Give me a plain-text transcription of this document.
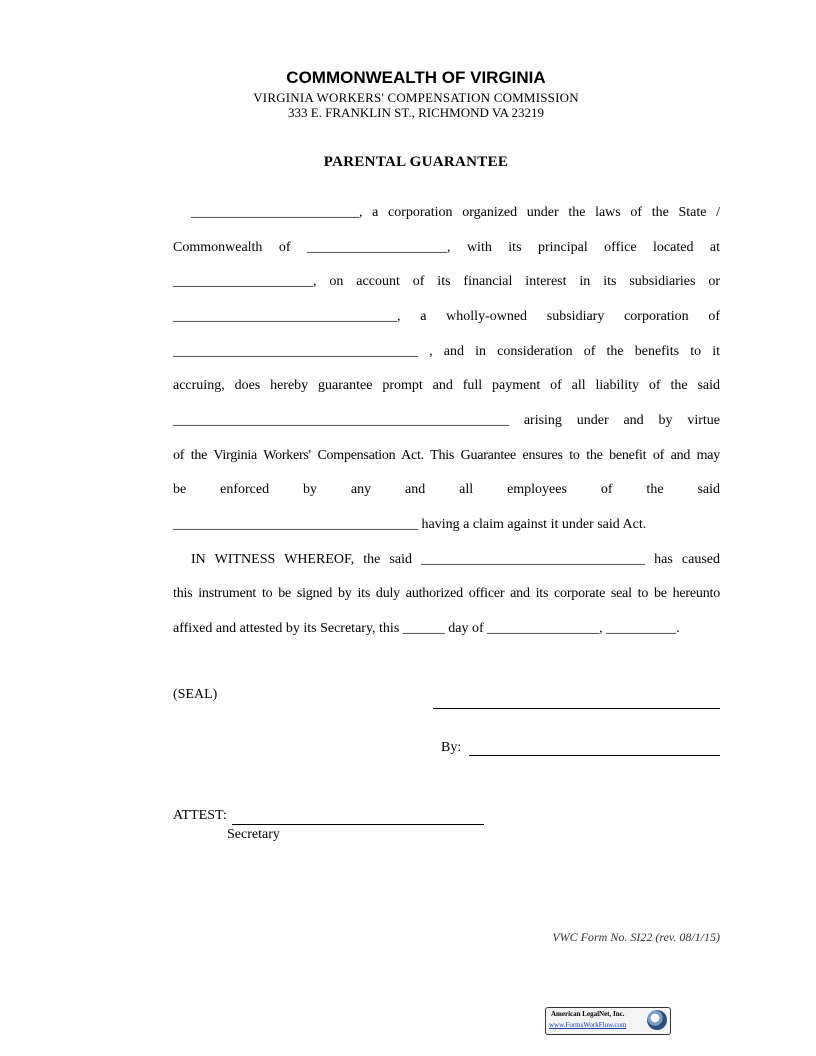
COMMONWEALTH OF VIRGINIA
VIRGINIA WORKERS' COMPENSATION COMMISSION
333 E. FRANKLIN ST., RICHMOND VA 23219
PARENTAL GUARANTEE
________________________, a corporation organized under the laws of the State /
Commonwealth of ____________________, with its principal office located at
____________________, on account of its financial interest in its subsidiaries or
________________________________, a wholly-owned subsidiary corporation of
___________________________________ , and in consideration of the benefits to it
accruing, does hereby guarantee prompt and full payment of all liability of the said
________________________________________________ arising under and by virtue
of the Virginia Workers' Compensation Act. This Guarantee ensures to the benefit of and may
be enforced by any and all employees of the said
___________________________________ having a claim against it under said Act.
IN WITNESS WHEREOF, the said ________________________________ has caused
this instrument to be signed by its duly authorized officer and its corporate seal to be hereunto
affixed and attested by its Secretary, this ______ day of ________________, __________.
(SEAL)
By:
ATTEST:
Secretary
VWC Form No. SI22 (rev. 08/1/15)
American LegalNet, Inc.
www.FormsWorkFlow.com
